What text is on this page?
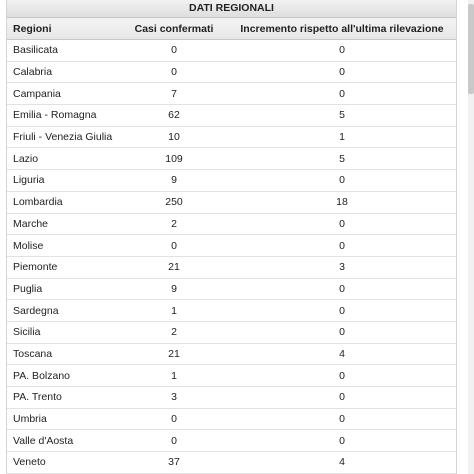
DATI REGIONALI		
Regioni	Casi confermati	Incremento rispetto all'ultima rilevazione
Basilicata	0	0
Calabria	0	0
Campania	7	0
Emilia - Romagna	62	5
Friuli - Venezia Giulia	10	1
Lazio	109	5
Liguria	9	0
Lombardia	250	18
Marche	2	0
Molise	0	0
Piemonte	21	3
Puglia	9	0
Sardegna	1	0
Sicilia	2	0
Toscana	21	4
PA. Bolzano	1	0
PA. Trento	3	0
Umbria	0	0
Valle d'Aosta	0	0
Veneto	37	4
